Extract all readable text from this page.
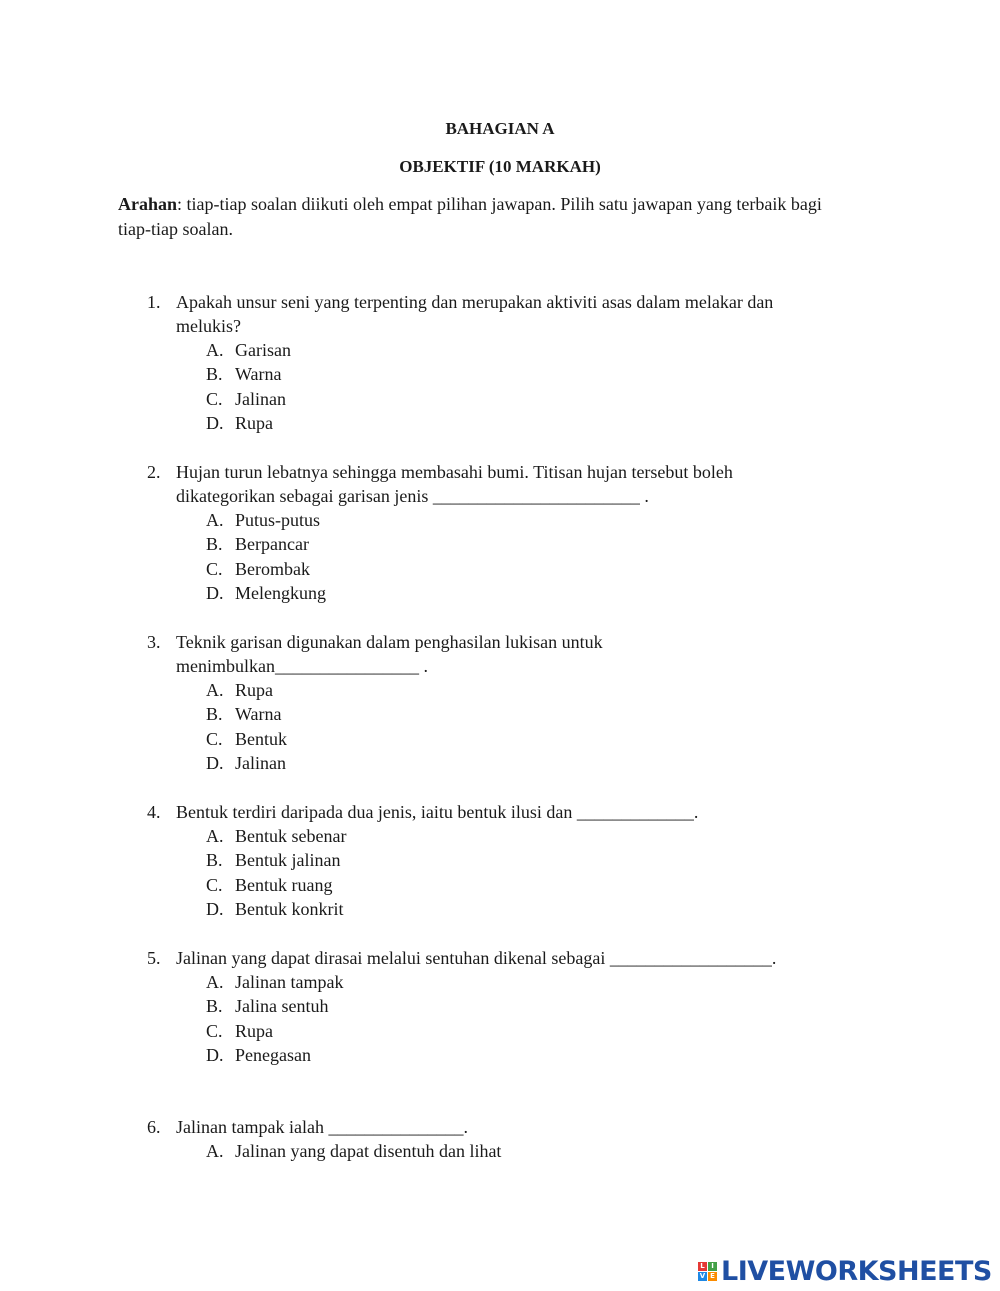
BAHAGIAN A
OBJEKTIF (10 MARKAH)
Arahan: tiap-tiap soalan diikuti oleh empat pilihan jawapan. Pilih satu jawapan yang terbaik bagi tiap-tiap soalan.
1. Apakah unsur seni yang terpenting dan merupakan aktiviti asas dalam melakar dan
melukis?
A. Garisan
B. Warna
C. Jalinan
D. Rupa
2. Hujan turun lebatnya sehingga membasahi bumi. Titisan hujan tersebut boleh
dikategorikan sebagai garisan jenis _______________________ .
A. Putus-putus
B. Berpancar
C. Berombak
D. Melengkung
3. Teknik garisan digunakan dalam penghasilan lukisan untuk
menimbulkan________________ .
A. Rupa
B. Warna
C. Bentuk
D. Jalinan
4. Bentuk terdiri daripada dua jenis, iaitu bentuk ilusi dan _____________.
A. Bentuk sebenar
B. Bentuk jalinan
C. Bentuk ruang
D. Bentuk konkrit
5. Jalinan yang dapat dirasai melalui sentuhan dikenal sebagai __________________.
A. Jalinan tampak
B. Jalina sentuh
C. Rupa
D. Penegasan
6. Jalinan tampak ialah _______________.
A. Jalinan yang dapat disentuh dan lihat
L I
V E LIVEWORKSHEETS
